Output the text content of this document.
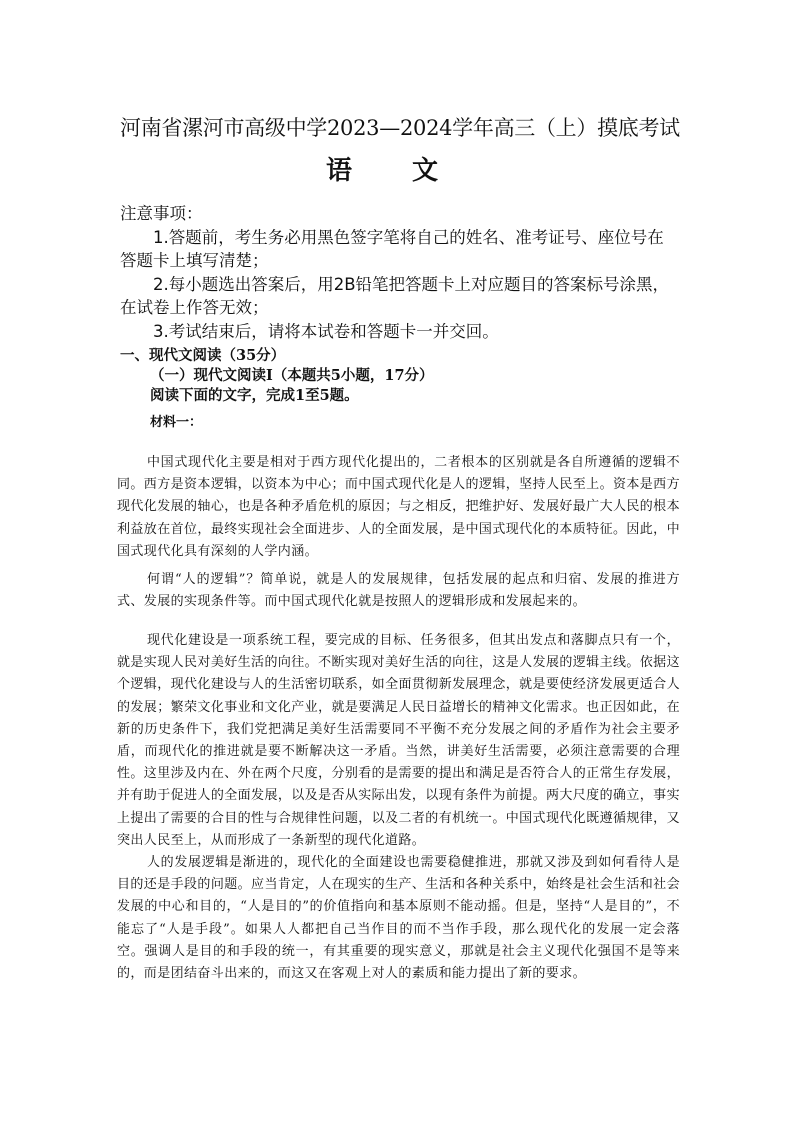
河南省漯河市高级中学2023—2024学年高三（上）摸底考试
语文

注意事项：

1.答题前，考生务必用黑色签字笔将自己的姓名、准考证号、座位号在答题卡上填写清楚；

2.每小题选出答案后，用2B铅笔把答题卡上对应题目的答案标号涂黑，在试卷上作答无效；

3.考试结束后，请将本试卷和答题卡一并交回。

一、现代文阅读（35分）

（一）现代文阅读Ⅰ（本题共5小题，17分）

阅读下面的文字，完成1至5题。

材料一：

中国式现代化主要是相对于西方现代化提出的，二者根本的区别就是各自所遵循的逻辑不同。西方是资本逻辑，以资本为中心；而中国式现代化是人的逻辑，坚持人民至上。资本是西方现代化发展的轴心，也是各种矛盾危机的原因；与之相反，把维护好、发展好最广大人民的根本利益放在首位，最终实现社会全面进步、人的全面发展，是中国式现代化的本质特征。因此，中国式现代化具有深刻的人学内涵。

何谓“人的逻辑”？简单说，就是人的发展规律，包括发展的起点和归宿、发展的推进方式、发展的实现条件等。而中国式现代化就是按照人的逻辑形成和发展起来的。

现代化建设是一项系统工程，要完成的目标、任务很多，但其出发点和落脚点只有一个，就是实现人民对美好生活的向往。不断实现对美好生活的向往，这是人发展的逻辑主线。依据这个逻辑，现代化建设与人的生活密切联系，如全面贯彻新发展理念，就是要使经济发展更适合人的发展；繁荣文化事业和文化产业，就是要满足人民日益增长的精神文化需求。也正因如此，在新的历史条件下，我们党把满足美好生活需要同不平衡不充分发展之间的矛盾作为社会主要矛盾，而现代化的推进就是要不断解决这一矛盾。当然，讲美好生活需要，必须注意需要的合理性。这里涉及内在、外在两个尺度，分别看的是需要的提出和满足是否符合人的正常生存发展，并有助于促进人的全面发展，以及是否从实际出发，以现有条件为前提。两大尺度的确立，事实上提出了需要的合目的性与合规律性问题，以及二者的有机统一。中国式现代化既遵循规律，又突出人民至上，从而形成了一条新型的现代化道路。

人的发展逻辑是渐进的，现代化的全面建设也需要稳健推进，那就又涉及到如何看待人是目的还是手段的问题。应当肯定，人在现实的生产、生活和各种关系中，始终是社会生活和社会发展的中心和目的，“人是目的”的价值指向和基本原则不能动摇。但是，坚持“人是目的”，不能忘了“人是手段”。如果人人都把自己当作目的而不当作手段，那么现代化的发展一定会落空。强调人是目的和手段的统一，有其重要的现实意义，那就是社会主义现代化强国不是等来的，而是团结奋斗出来的，而这又在客观上对人的素质和能力提出了新的要求。
